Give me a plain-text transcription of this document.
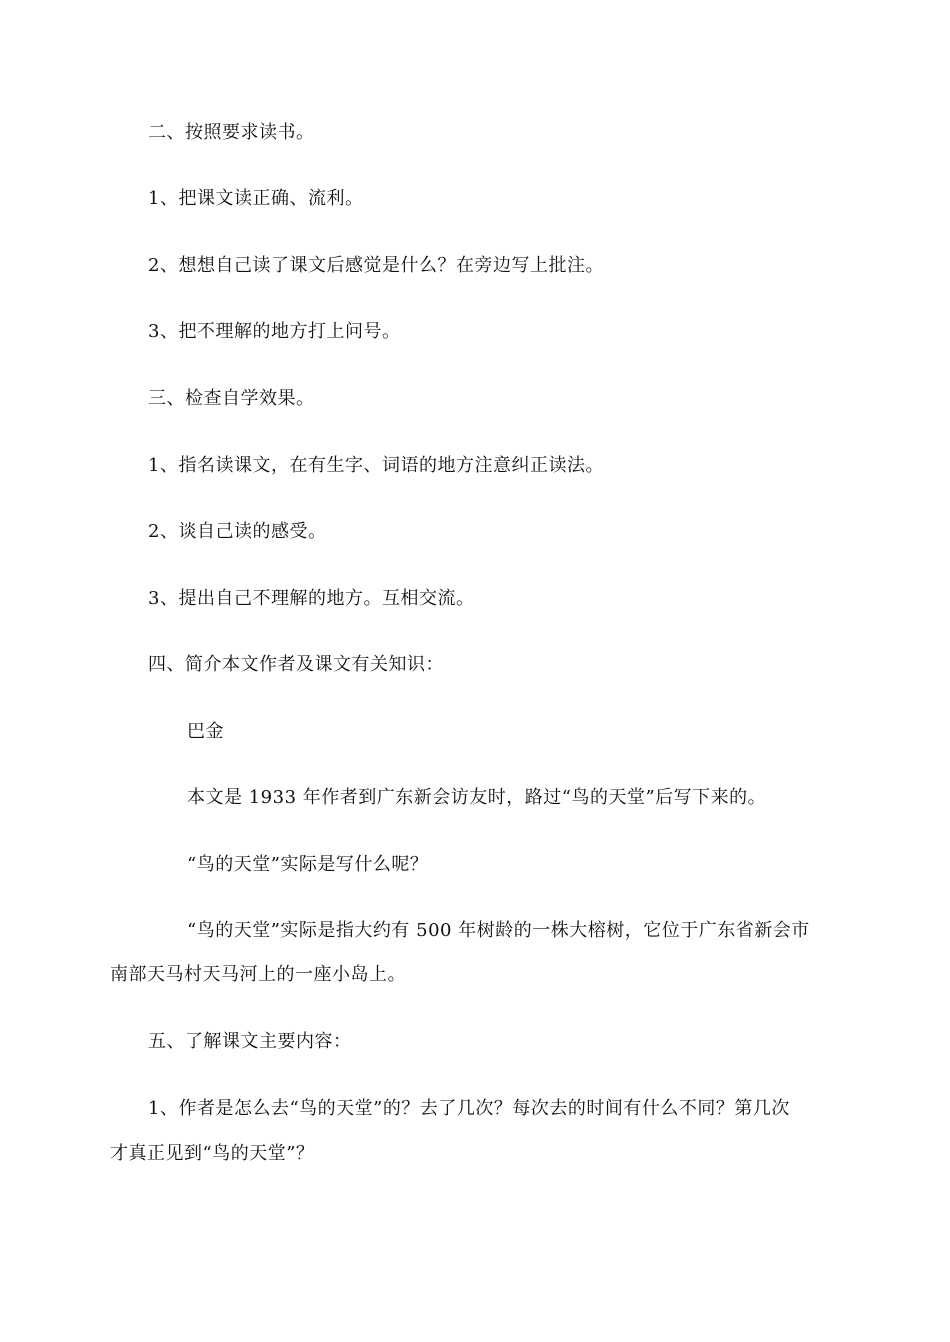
二、按照要求读书。
1、把课文读正确、流利。
2、想想自己读了课文后感觉是什么？在旁边写上批注。
3、把不理解的地方打上问号。
三、检查自学效果。
1、指名读课文，在有生字、词语的地方注意纠正读法。
2、谈自己读的感受。
3、提出自己不理解的地方。互相交流。
四、简介本文作者及课文有关知识：
巴金
本文是 1933 年作者到广东新会访友时，路过“鸟的天堂”后写下来的。
“鸟的天堂”实际是写什么呢？
“鸟的天堂”实际是指大约有 500 年树龄的一株大榕树，它位于广东省新会市
南部天马村天马河上的一座小岛上。
五、了解课文主要内容：
1、作者是怎么去“鸟的天堂”的？去了几次？每次去的时间有什么不同？第几次
才真正见到“鸟的天堂”？
